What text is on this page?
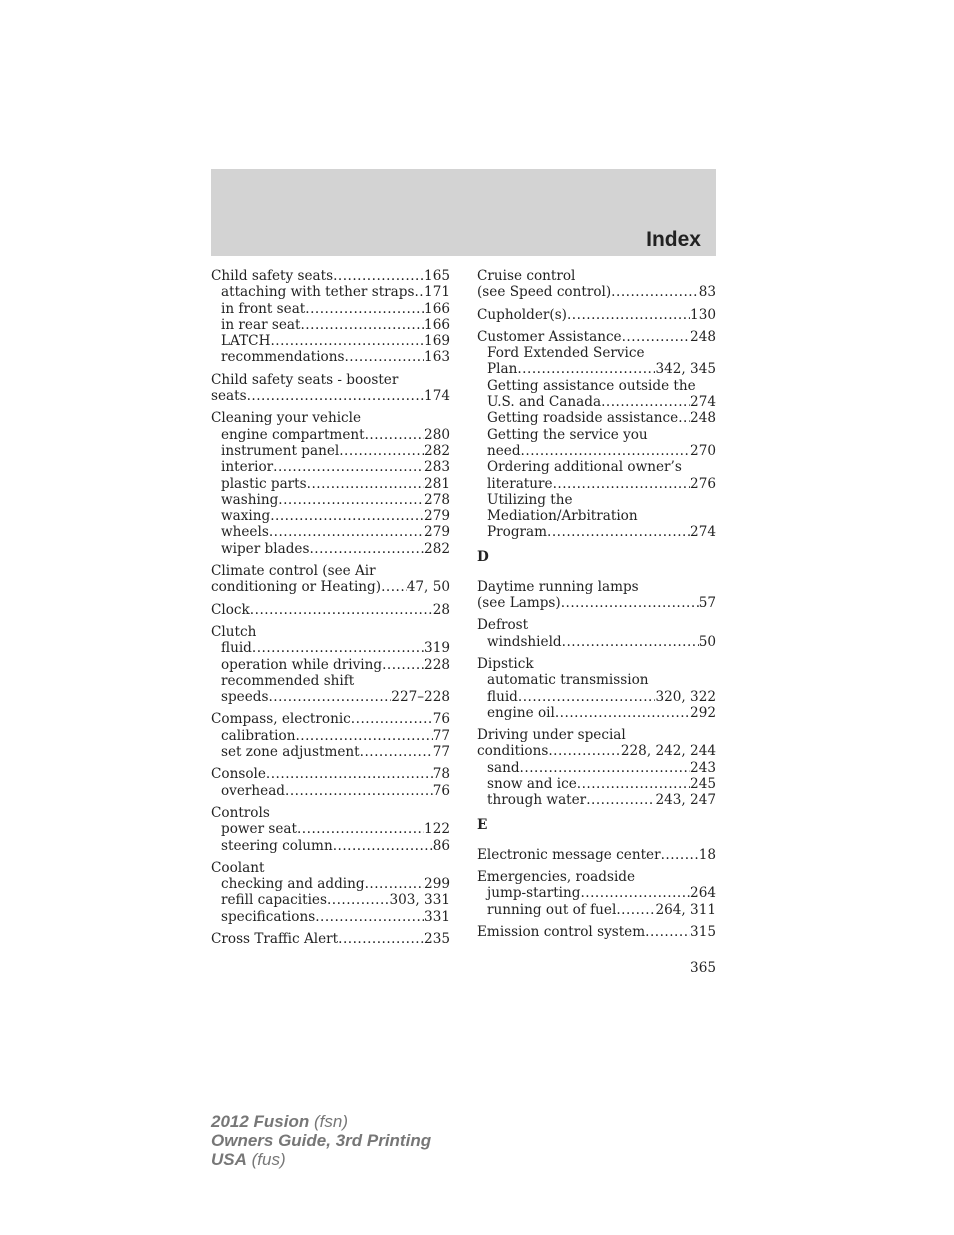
Index
Child safety seats .....	165
attaching with tether straps ..... 171
in front seat .....	166
in rear seat .....	166
LATCH .....	169
recommendations .....	163
Child safety seats - booster
seats .....	174
Cleaning your vehicle
engine compartment .....	280
instrument panel .....	282
interior .....	283
plastic parts .....	281
washing .....	278
waxing .....	279
wheels .....	279
wiper blades .....	282
Climate control (see Air
conditioning or Heating) ..... 47, 50
Clock .....	28
Clutch
fluid .....	319
operation while driving .....	228
recommended shift
speeds .....	227–228
Compass, electronic .....	76
calibration .....	77
set zone adjustment .....	77
Console .....	78
overhead .....	76
Controls
power seat .....	122
steering column .....	86
Coolant
checking and adding .....	299
refill capacities .....	303, 331
specifications .....	331
Cross Traffic Alert .....	235
Cruise control
(see Speed control) .....	83
Cupholder(s) .....	130
Customer Assistance .....	248
Ford Extended Service
Plan .....	342, 345
Getting assistance outside the
U.S. and Canada .....	274
Getting roadside assistance ..... 248
Getting the service you
need .....	270
Ordering additional owner’s
literature .....	276
Utilizing the
Mediation/Arbitration
Program .....	274
D
Daytime running lamps
(see Lamps) .....	57
Defrost
windshield .....	50
Dipstick
automatic transmission
fluid .....	320, 322
engine oil .....	292
Driving under special
conditions .....	228, 242, 244
sand .....	243
snow and ice .....	245
through water .....	243, 247
E
Electronic message center .....	18
Emergencies, roadside
jump-starting .....	264
running out of fuel .....	264, 311
Emission control system .....	315
365
2012 Fusion (fsn)
Owners Guide, 3rd Printing
USA (fus)
